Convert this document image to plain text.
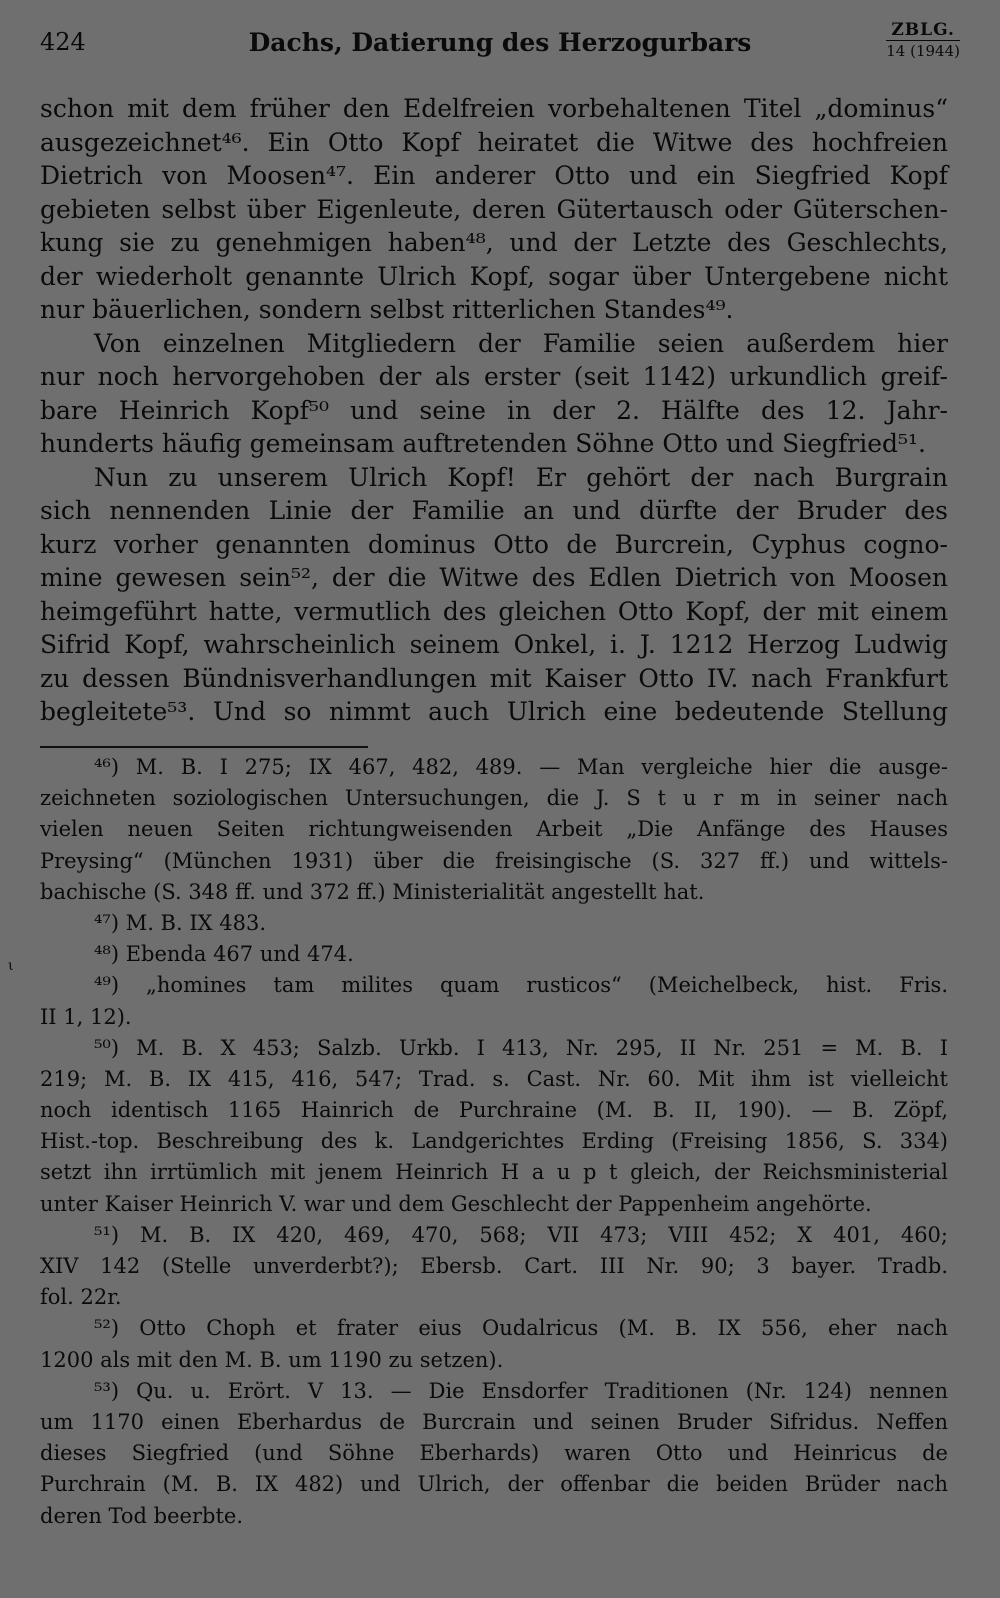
424	Dachs, Datierung des Herzogurbars	ZBLG.
14 (1944)
schon mit dem früher den Edelfreien vorbehaltenen Titel „dominus“
ausgezeichnet⁴⁶. Ein Otto Kopf heiratet die Witwe des hochfreien
Dietrich von Moosen⁴⁷. Ein anderer Otto und ein Siegfried Kopf
gebieten selbst über Eigenleute, deren Gütertausch oder Güterschen-
kung sie zu genehmigen haben⁴⁸, und der Letzte des Geschlechts,
der wiederholt genannte Ulrich Kopf, sogar über Untergebene nicht
nur bäuerlichen, sondern selbst ritterlichen Standes⁴⁹.
Von einzelnen Mitgliedern der Familie seien außerdem hier
nur noch hervorgehoben der als erster (seit 1142) urkundlich greif-
bare Heinrich Kopf⁵⁰ und seine in der 2. Hälfte des 12. Jahr-
hunderts häufig gemeinsam auftretenden Söhne Otto und Siegfried⁵¹.
Nun zu unserem Ulrich Kopf! Er gehört der nach Burgrain
sich nennenden Linie der Familie an und dürfte der Bruder des
kurz vorher genannten dominus Otto de Burcrein, Cyphus cogno-
mine gewesen sein⁵², der die Witwe des Edlen Dietrich von Moosen
heimgeführt hatte, vermutlich des gleichen Otto Kopf, der mit einem
Sifrid Kopf, wahrscheinlich seinem Onkel, i. J. 1212 Herzog Ludwig
zu dessen Bündnisverhandlungen mit Kaiser Otto IV. nach Frankfurt
begleitete⁵³. Und so nimmt auch Ulrich eine bedeutende Stellung
⁴⁶) M. B. I 275; IX 467, 482, 489. — Man vergleiche hier die ausge-
zeichneten soziologischen Untersuchungen, die J. S t u r m in seiner nach
vielen neuen Seiten richtungweisenden Arbeit „Die Anfänge des Hauses
Preysing“ (München 1931) über die freisingische (S. 327 ff.) und wittels-
bachische (S. 348 ff. und 372 ff.) Ministerialität angestellt hat.
⁴⁷) M. B. IX 483.
⁴⁸) Ebenda 467 und 474.
⁴⁹) „homines tam milites quam rusticos“ (Meichelbeck, hist. Fris.
II 1, 12).
⁵⁰) M. B. X 453; Salzb. Urkb. I 413, Nr. 295, II Nr. 251 = M. B. I
219; M. B. IX 415, 416, 547; Trad. s. Cast. Nr. 60. Mit ihm ist vielleicht
noch identisch 1165 Hainrich de Purchraine (M. B. II, 190). — B. Zöpf,
Hist.-top. Beschreibung des k. Landgerichtes Erding (Freising 1856, S. 334)
setzt ihn irrtümlich mit jenem Heinrich H a u p t gleich, der Reichsministerial
unter Kaiser Heinrich V. war und dem Geschlecht der Pappenheim angehörte.
⁵¹) M. B. IX 420, 469, 470, 568; VII 473; VIII 452; X 401, 460;
XIV 142 (Stelle unverderbt?); Ebersb. Cart. III Nr. 90; 3 bayer. Tradb.
fol. 22r.
⁵²) Otto Choph et frater eius Oudalricus (M. B. IX 556, eher nach
1200 als mit den M. B. um 1190 zu setzen).
⁵³) Qu. u. Erört. V 13. — Die Ensdorfer Traditionen (Nr. 124) nennen
um 1170 einen Eberhardus de Burcrain und seinen Bruder Sifridus. Neffen
dieses Siegfried (und Söhne Eberhards) waren Otto und Heinricus de
Purchrain (M. B. IX 482) und Ulrich, der offenbar die beiden Brüder nach
deren Tod beerbte.
ι
